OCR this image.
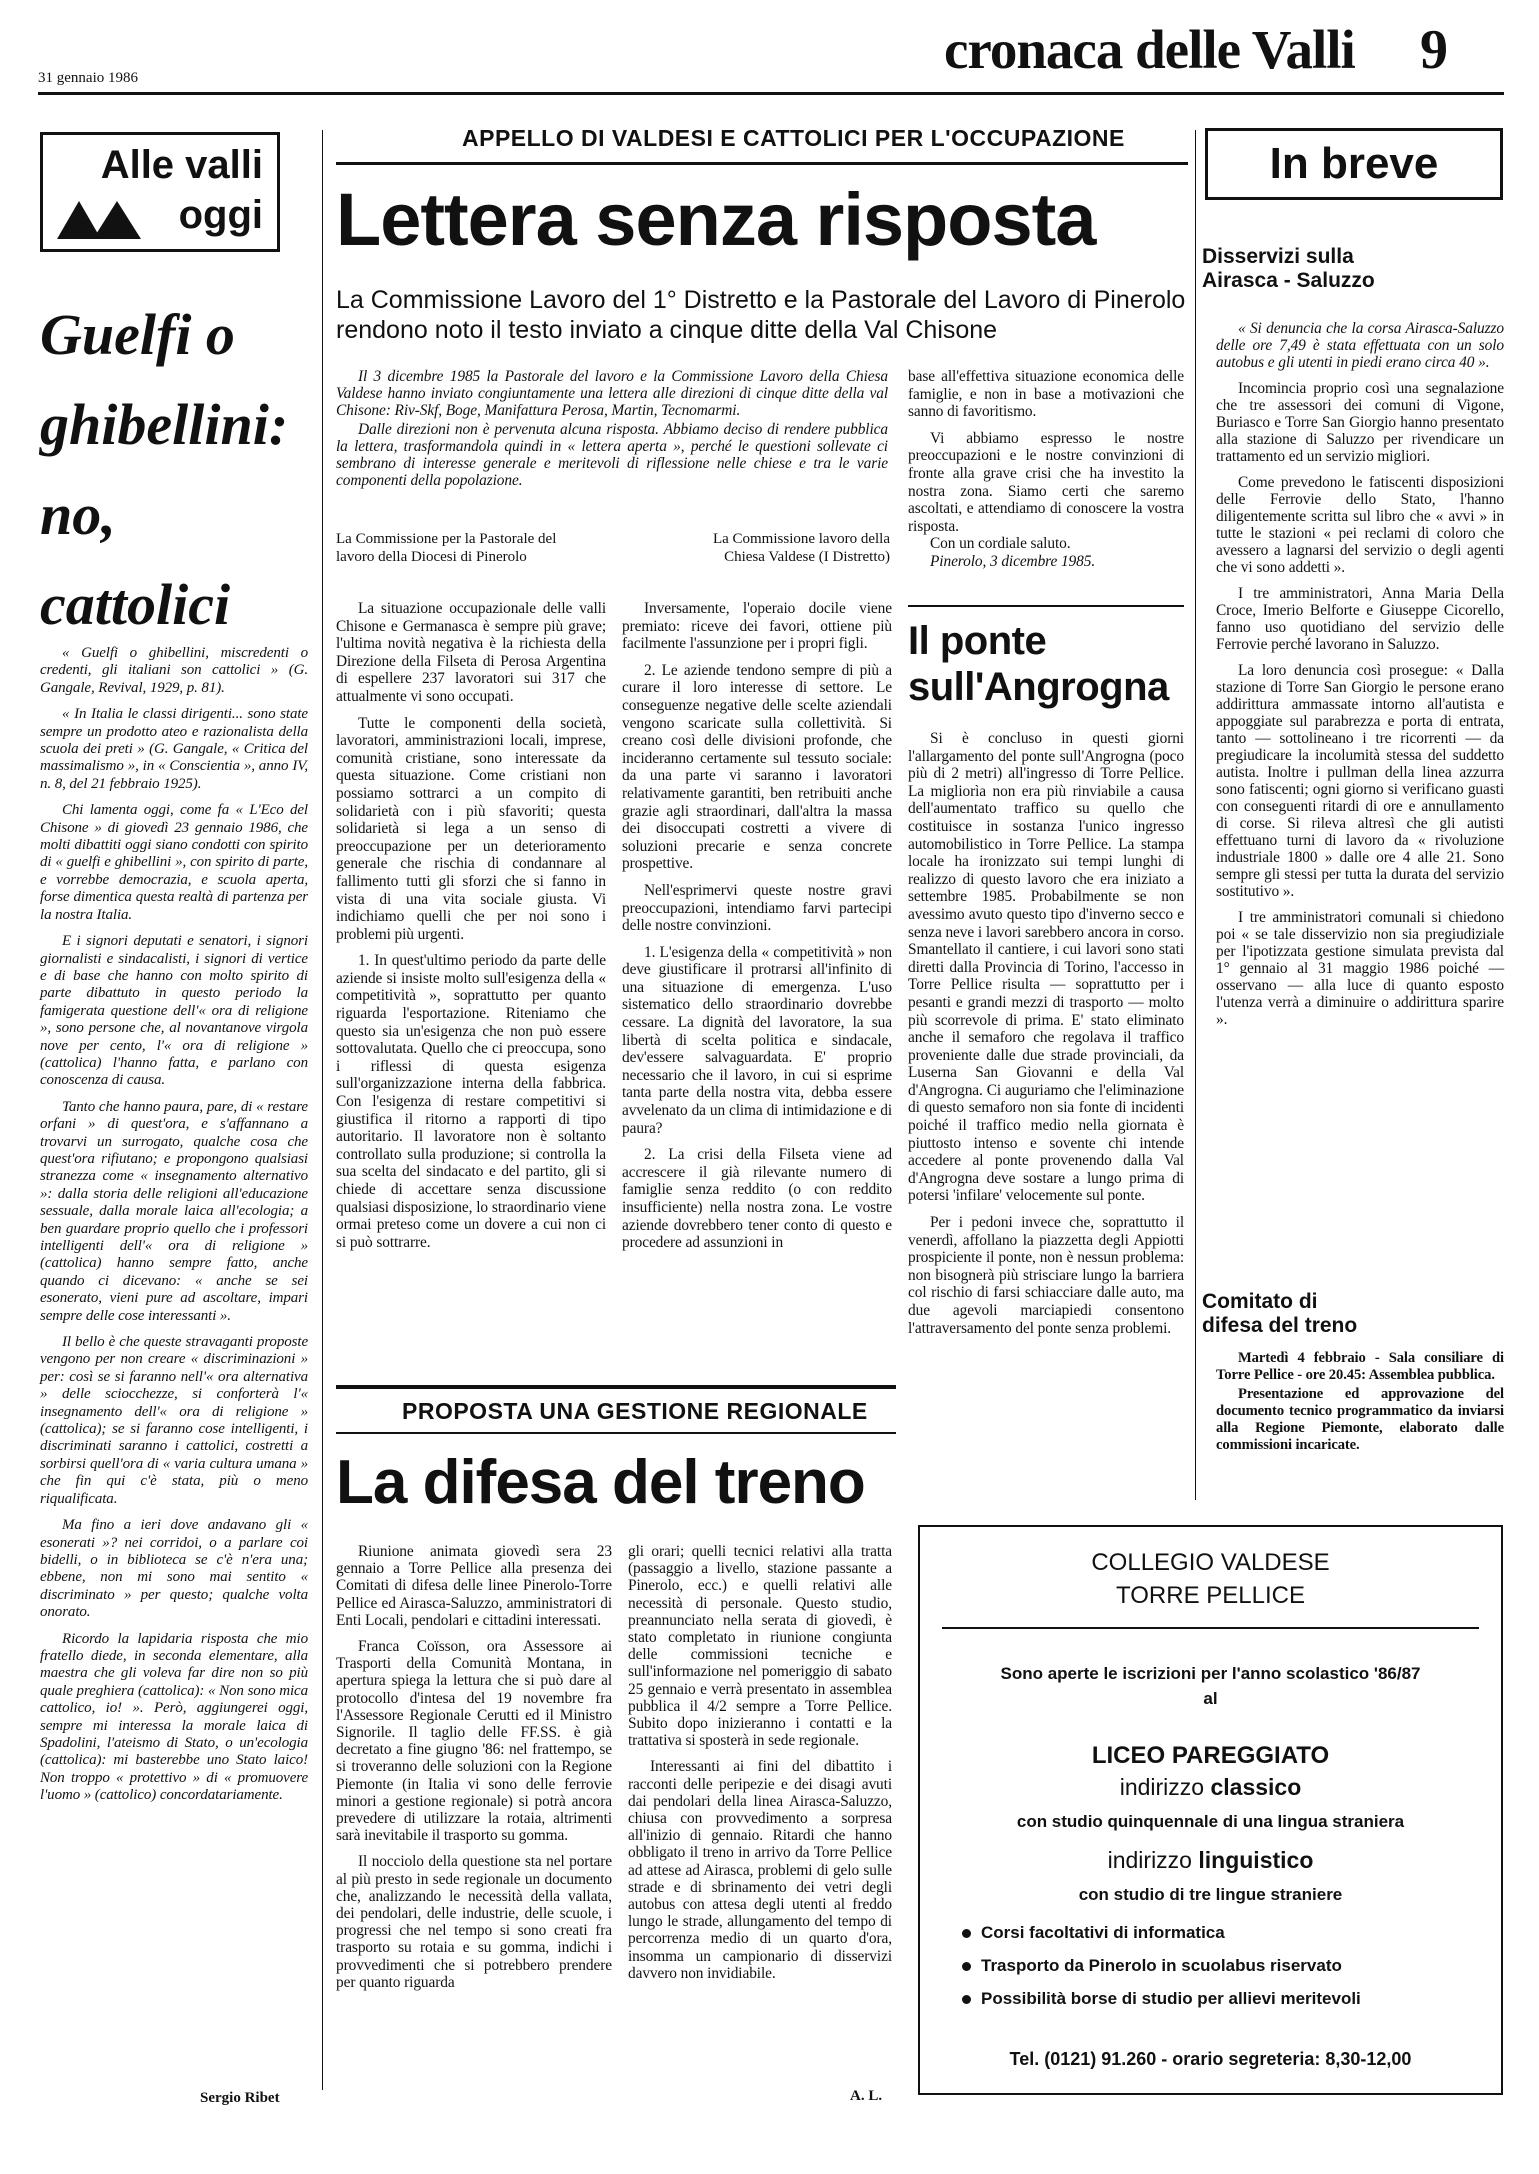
31 gennaio 1986	cronaca delle Valli 9
Alle valli
oggi
Guelfi o
ghibellini:
no,
cattolici

« Guelfi o ghibellini, miscredenti o credenti, gli italiani son cattolici » (G. Gangale, Revival, 1929, p. 81).

« In Italia le classi dirigenti... sono state sempre un prodotto ateo e razionalista della scuola dei preti » (G. Gangale, « Critica del massimalismo », in « Conscientia », anno IV, n. 8, del 21 febbraio 1925).

Chi lamenta oggi, come fa « L'Eco del Chisone » di giovedì 23 gennaio 1986, che molti dibattiti oggi siano condotti con spirito di « guelfi e ghibellini », con spirito di parte, e vorrebbe democrazia, e scuola aperta, forse dimentica questa realtà di partenza per la nostra Italia.

E i signori deputati e senatori, i signori giornalisti e sindacalisti, i signori di vertice e di base che hanno con molto spirito di parte dibattuto in questo periodo la famigerata questione dell'« ora di religione », sono persone che, al novantanove virgola nove per cento, l'« ora di religione » (cattolica) l'hanno fatta, e parlano con conoscenza di causa.

Tanto che hanno paura, pare, di « restare orfani » di quest'ora, e s'affannano a trovarvi un surrogato, qualche cosa che quest'ora rifiutano; e propongono qualsiasi stranezza come « insegnamento alternativo »: dalla storia delle religioni all'educazione sessuale, dalla morale laica all'ecologia; a ben guardare proprio quello che i professori intelligenti dell'« ora di religione » (cattolica) hanno sempre fatto, anche quando ci dicevano: « anche se sei esonerato, vieni pure ad ascoltare, impari sempre delle cose interessanti ».

Il bello è che queste stravaganti proposte vengono per non creare « discriminazioni » per: così se si faranno nell'« ora alternativa » delle sciocchezze, si conforterà l'« insegnamento dell'« ora di religione » (cattolica); se si faranno cose intelligenti, i discriminati saranno i cattolici, costretti a sorbirsi quell'ora di « varia cultura umana » che fin qui c'è stata, più o meno riqualificata.

Ma fino a ieri dove andavano gli « esonerati »? nei corridoi, o a parlare coi bidelli, o in biblioteca se c'è n'era una; ebbene, non mi sono mai sentito « discriminato » per questo; qualche volta onorato.

Ricordo la lapidaria risposta che mio fratello diede, in seconda elementare, alla maestra che gli voleva far dire non so più quale preghiera (cattolica): « Non sono mica cattolico, io! ». Però, aggiungerei oggi, sempre mi interessa la morale laica di Spadolini, l'ateismo di Stato, o un'ecologia (cattolica): mi basterebbe uno Stato laico! Non troppo « protettivo » di « promuovere l'uomo » (cattolico) concordatariamente.

Sergio Ribet
APPELLO DI VALDESI E CATTOLICI PER L'OCCUPAZIONE
Lettera senza risposta
La Commissione Lavoro del 1° Distretto e la Pastorale del Lavoro di Pinerolo rendono noto il testo inviato a cinque ditte della Val Chisone

Il 3 dicembre 1985 la Pastorale del lavoro e la Commissione Lavoro della Chiesa Valdese hanno inviato congiuntamente una lettera alle direzioni di cinque ditte della val Chisone: Riv-Skf, Boge, Manifattura Perosa, Martin, Tecnomarmi.

Dalle direzioni non è pervenuta alcuna risposta. Abbiamo deciso di rendere pubblica la lettera, trasformandola quindi in « lettera aperta », perché le questioni sollevate ci sembrano di interesse generale e meritevoli di riflessione nelle chiese e tra le varie componenti della popolazione.

La Commissione per la Pastorale del lavoro della Diocesi di Pinerolo
La Commissione lavoro della Chiesa Valdese (I Distretto)

La situazione occupazionale delle valli Chisone e Germanasca è sempre più grave; l'ultima novità negativa è la richiesta della Direzione della Filseta di Perosa Argentina di espellere 237 lavoratori sui 317 che attualmente vi sono occupati.

Tutte le componenti della società, lavoratori, amministrazioni locali, imprese, comunità cristiane, sono interessate da questa situazione. Come cristiani non possiamo sottrarci a un compito di solidarietà con i più sfavoriti; questa solidarietà si lega a un senso di preoccupazione per un deterioramento generale che rischia di condannare al fallimento tutti gli sforzi che si fanno in vista di una vita sociale giusta. Vi indichiamo quelli che per noi sono i problemi più urgenti.

1. In quest'ultimo periodo da parte delle aziende si insiste molto sull'esigenza della « competitività », soprattutto per quanto riguarda l'esportazione. Riteniamo che questo sia un'esigenza che non può essere sottovalutata. Quello che ci preoccupa, sono i riflessi di questa esigenza sull'organizzazione interna della fabbrica. Con l'esigenza di restare competitivi si giustifica il ritorno a rapporti di tipo autoritario. Il lavoratore non è soltanto controllato sulla produzione; si controlla la sua scelta del sindacato e del partito, gli si chiede di accettare senza discussione qualsiasi disposizione, lo straordinario viene ormai preteso come un dovere a cui non ci si può sottrarre.

Inversamente, l'operaio docile viene premiato: riceve dei favori, ottiene più facilmente l'assunzione per i propri figli.

2. Le aziende tendono sempre di più a curare il loro interesse di settore. Le conseguenze negative delle scelte aziendali vengono scaricate sulla collettività. Si creano così delle divisioni profonde, che incideranno certamente sul tessuto sociale: da una parte vi saranno i lavoratori relativamente garantiti, ben retribuiti anche grazie agli straordinari, dall'altra la massa dei disoccupati costretti a vivere di soluzioni precarie e senza concrete prospettive.

Nell'esprimervi queste nostre gravi preoccupazioni, intendiamo farvi partecipi delle nostre convinzioni.

1. L'esigenza della « competitività » non deve giustificare il protrarsi all'infinito di una situazione di emergenza. L'uso sistematico dello straordinario dovrebbe cessare. La dignità del lavoratore, la sua libertà di scelta politica e sindacale, dev'essere salvaguardata. E' proprio necessario che il lavoro, in cui si esprime tanta parte della nostra vita, debba essere avvelenato da un clima di intimidazione e di paura?

2. La crisi della Filseta viene ad accrescere il già rilevante numero di famiglie senza reddito (o con reddito insufficiente) nella nostra zona. Le vostre aziende dovrebbero tener conto di questo e procedere ad assunzioni in

base all'effettiva situazione economica delle famiglie, e non in base a motivazioni che sanno di favoritismo.

Vi abbiamo espresso le nostre preoccupazioni e le nostre convinzioni di fronte alla grave crisi che ha investito la nostra zona. Siamo certi che saremo ascoltati, e attendiamo di conoscere la vostra risposta.

Con un cordiale saluto.

Pinerolo, 3 dicembre 1985.

Il ponte
sull'Angrogna

Si è concluso in questi giorni l'allargamento del ponte sull'Angrogna (poco più di 2 metri) all'ingresso di Torre Pellice. La migliorìa non era più rinviabile a causa dell'aumentato traffico su quello che costituisce in sostanza l'unico ingresso automobilistico in Torre Pellice. La stampa locale ha ironizzato sui tempi lunghi di realizzo di questo lavoro che era iniziato a settembre 1985. Probabilmente se non avessimo avuto questo tipo d'inverno secco e senza neve i lavori sarebbero ancora in corso. Smantellato il cantiere, i cui lavori sono stati diretti dalla Provincia di Torino, l'accesso in Torre Pellice risulta — soprattutto per i pesanti e grandi mezzi di trasporto — molto più scorrevole di prima. E' stato eliminato anche il semaforo che regolava il traffico proveniente dalle due strade provinciali, da Luserna San Giovanni e della Val d'Angrogna. Ci auguriamo che l'eliminazione di questo semaforo non sia fonte di incidenti poiché il traffico medio nella giornata è piuttosto intenso e sovente chi intende accedere al ponte provenendo dalla Val d'Angrogna deve sostare a lungo prima di potersi 'infilare' velocemente sul ponte.

Per i pedoni invece che, soprattutto il venerdì, affollano la piazzetta degli Appiotti prospiciente il ponte, non è nessun problema: non bisognerà più strisciare lungo la barriera col rischio di farsi schiacciare dalle auto, ma due agevoli marciapiedi consentono l'attraversamento del ponte senza problemi.

PROPOSTA UNA GESTIONE REGIONALE
La difesa del treno

Riunione animata giovedì sera 23 gennaio a Torre Pellice alla presenza dei Comitati di difesa delle linee Pinerolo-Torre Pellice ed Airasca-Saluzzo, amministratori di Enti Locali, pendolari e cittadini interessati.

Franca Coïsson, ora Assessore ai Trasporti della Comunità Montana, in apertura spiega la lettura che si può dare al protocollo d'intesa del 19 novembre fra l'Assessore Regionale Cerutti ed il Ministro Signorile. Il taglio delle FF.SS. è già decretato a fine giugno '86: nel frattempo, se si troveranno delle soluzioni con la Regione Piemonte (in Italia vi sono delle ferrovie minori a gestione regionale) si potrà ancora prevedere di utilizzare la rotaia, altrimenti sarà inevitabile il trasporto su gomma.

Il nocciolo della questione sta nel portare al più presto in sede regionale un documento che, analizzando le necessità della vallata, dei pendolari, delle industrie, delle scuole, i progressi che nel tempo si sono creati fra trasporto su rotaia e su gomma, indichi i provvedimenti che si potrebbero prendere per quanto riguarda

gli orari; quelli tecnici relativi alla tratta (passaggio a livello, stazione passante a Pinerolo, ecc.) e quelli relativi alle necessità di personale. Questo studio, preannunciato nella serata di giovedì, è stato completato in riunione congiunta delle commissioni tecniche e sull'informazione nel pomeriggio di sabato 25 gennaio e verrà presentato in assemblea pubblica il 4/2 sempre a Torre Pellice. Subito dopo inizieranno i contatti e la trattativa si sposterà in sede regionale.

Interessanti ai fini del dibattito i racconti delle peripezie e dei disagi avuti dai pendolari della linea Airasca-Saluzzo, chiusa con provvedimento a sorpresa all'inizio di gennaio. Ritardi che hanno obbligato il treno in arrivo da Torre Pellice ad attese ad Airasca, problemi di gelo sulle strade e di sbrinamento dei vetri degli autobus con attesa degli utenti al freddo lungo le strade, allungamento del tempo di percorrenza medio di un quarto d'ora, insomma un campionario di disservizi davvero non invidiabile.

A. L.
In breve
Disservizi sulla
Airasca - Saluzzo

« Si denuncia che la corsa Airasca-Saluzzo delle ore 7,49 è stata effettuata con un solo autobus e gli utenti in piedi erano circa 40 ».

Incomincia proprio così una segnalazione che tre assessori dei comuni di Vigone, Buriasco e Torre San Giorgio hanno presentato alla stazione di Saluzzo per rivendicare un trattamento ed un servizio migliori.

Come prevedono le fatiscenti disposizioni delle Ferrovie dello Stato, l'hanno diligentemente scritta sul libro che « avvi » in tutte le stazioni « pei reclami di coloro che avessero a lagnarsi del servizio o degli agenti che vi sono addetti ».

I tre amministratori, Anna Maria Della Croce, Imerio Belforte e Giuseppe Cicorello, fanno uso quotidiano del servizio delle Ferrovie perché lavorano in Saluzzo.

La loro denuncia così prosegue: « Dalla stazione di Torre San Giorgio le persone erano addirittura ammassate intorno all'autista e appoggiate sul parabrezza e porta di entrata, tanto — sottolineano i tre ricorrenti — da pregiudicare la incolumità stessa del suddetto autista. Inoltre i pullman della linea azzurra sono fatiscenti; ogni giorno si verificano guasti con conseguenti ritardi di ore e annullamento di corse. Si rileva altresì che gli autisti effettuano turni di lavoro da « rivoluzione industriale 1800 » dalle ore 4 alle 21. Sono sempre gli stessi per tutta la durata del servizio sostitutivo ».

I tre amministratori comunali si chiedono poi « se tale disservizio non sia pregiudiziale per l'ipotizzata gestione simulata prevista dal 1° gennaio al 31 maggio 1986 poiché — osservano — alla luce di quanto esposto l'utenza verrà a diminuire o addirittura sparire ».

Comitato di
difesa del treno

Martedì 4 febbraio - Sala consiliare di Torre Pellice - ore 20.45: Assemblea pubblica.

Presentazione ed approvazione del documento tecnico programmatico da inviarsi alla Regione Piemonte, elaborato dalle commissioni incaricate.

COLLEGIO VALDESE
TORRE PELLICE
Sono aperte le iscrizioni per l'anno scolastico '86/87
al
LICEO PAREGGIATO
indirizzo classico
con studio quinquennale di una lingua straniera
indirizzo linguistico
con studio di tre lingue straniere
Corsi facoltativi di informatica
Trasporto da Pinerolo in scuolabus riservato
Possibilità borse di studio per allievi meritevoli
Tel. (0121) 91.260 - orario segreteria: 8,30-12,00
